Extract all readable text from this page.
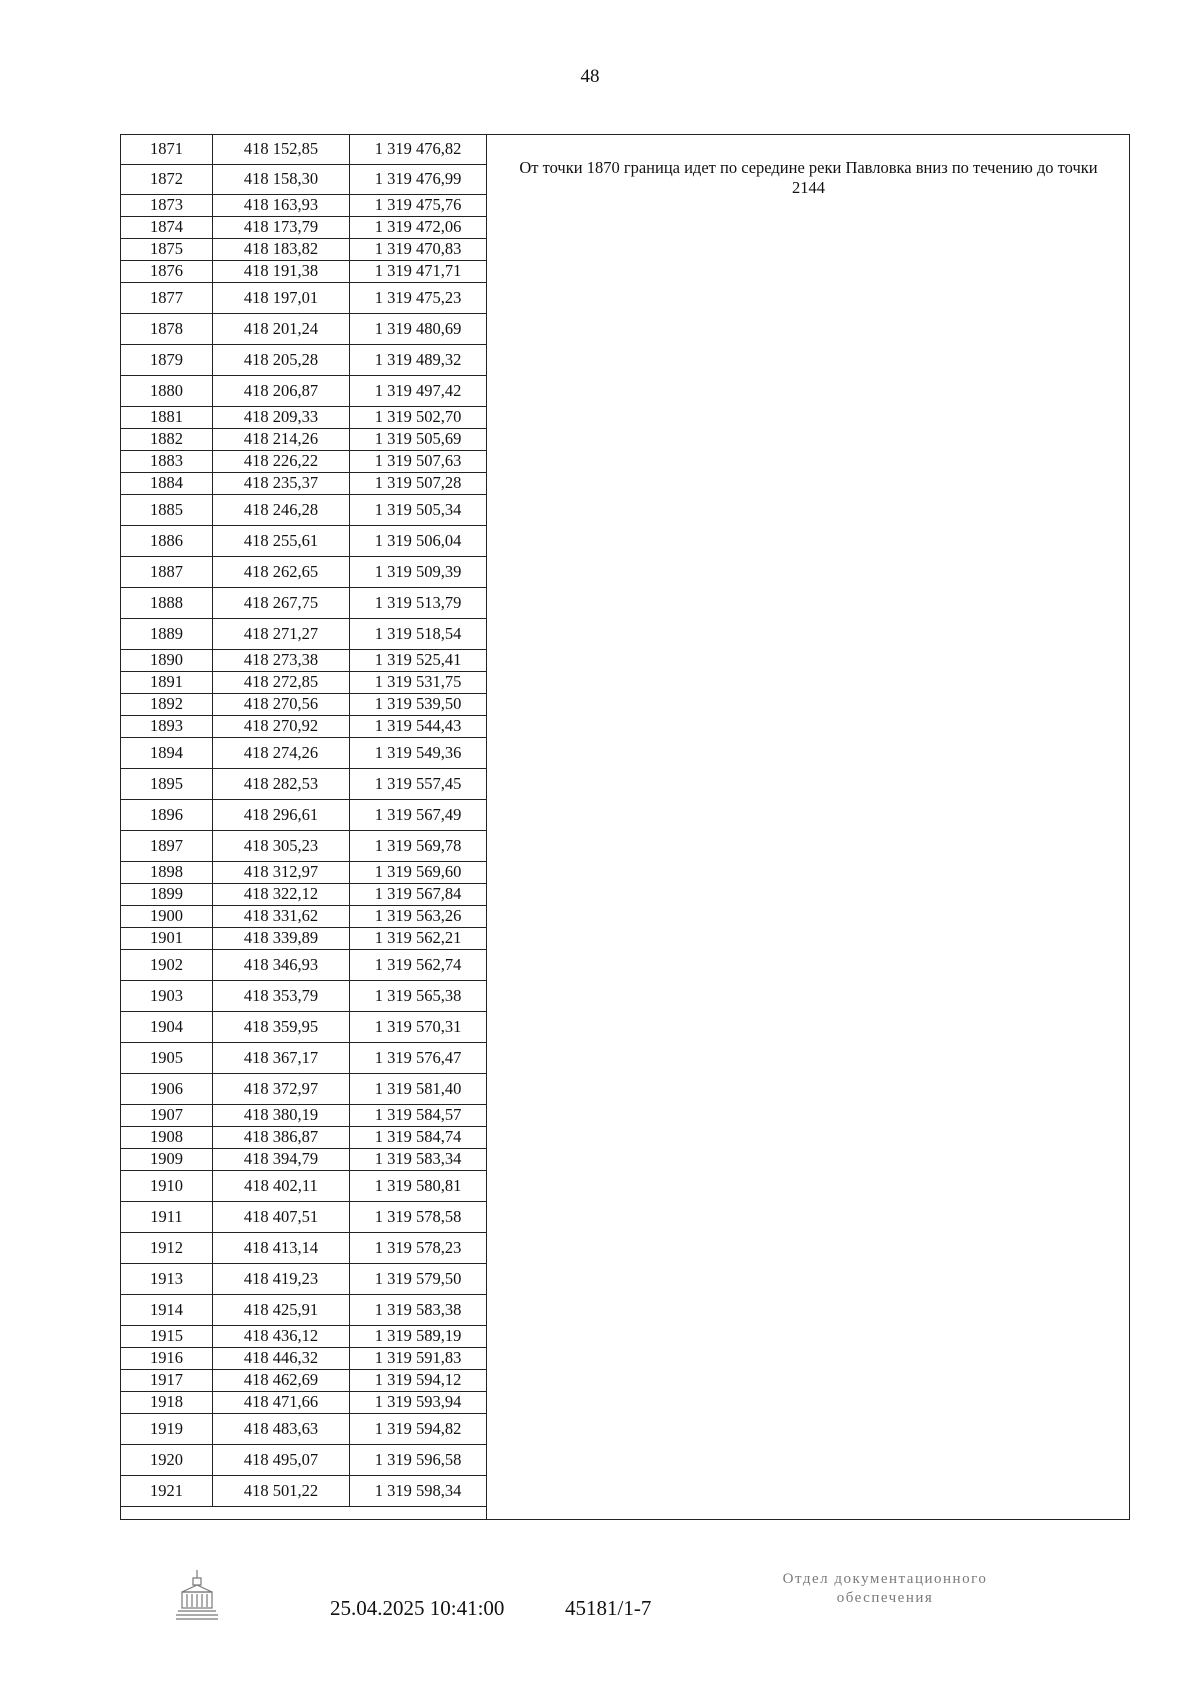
48
1871	418 152,85	1 319 476,82
1872	418 158,30	1 319 476,99
1873	418 163,93	1 319 475,76
1874	418 173,79	1 319 472,06
1875	418 183,82	1 319 470,83
1876	418 191,38	1 319 471,71
1877	418 197,01	1 319 475,23
1878	418 201,24	1 319 480,69
1879	418 205,28	1 319 489,32
1880	418 206,87	1 319 497,42
1881	418 209,33	1 319 502,70
1882	418 214,26	1 319 505,69
1883	418 226,22	1 319 507,63
1884	418 235,37	1 319 507,28
1885	418 246,28	1 319 505,34
1886	418 255,61	1 319 506,04
1887	418 262,65	1 319 509,39
1888	418 267,75	1 319 513,79
1889	418 271,27	1 319 518,54
1890	418 273,38	1 319 525,41
1891	418 272,85	1 319 531,75
1892	418 270,56	1 319 539,50
1893	418 270,92	1 319 544,43
1894	418 274,26	1 319 549,36
1895	418 282,53	1 319 557,45
1896	418 296,61	1 319 567,49
1897	418 305,23	1 319 569,78
1898	418 312,97	1 319 569,60
1899	418 322,12	1 319 567,84
1900	418 331,62	1 319 563,26
1901	418 339,89	1 319 562,21
1902	418 346,93	1 319 562,74
1903	418 353,79	1 319 565,38
1904	418 359,95	1 319 570,31
1905	418 367,17	1 319 576,47
1906	418 372,97	1 319 581,40
1907	418 380,19	1 319 584,57
1908	418 386,87	1 319 584,74
1909	418 394,79	1 319 583,34
1910	418 402,11	1 319 580,81
1911	418 407,51	1 319 578,58
1912	418 413,14	1 319 578,23
1913	418 419,23	1 319 579,50
1914	418 425,91	1 319 583,38
1915	418 436,12	1 319 589,19
1916	418 446,32	1 319 591,83
1917	418 462,69	1 319 594,12
1918	418 471,66	1 319 593,94
1919	418 483,63	1 319 594,82
1920	418 495,07	1 319 596,58
1921	418 501,22	1 319 598,34
От точки 1870 граница идет по середине реки Павловка вниз по течению до точки 2144
25.04.2025 10:41:00	45181/1-7
Отдел документационного
обеспечения
